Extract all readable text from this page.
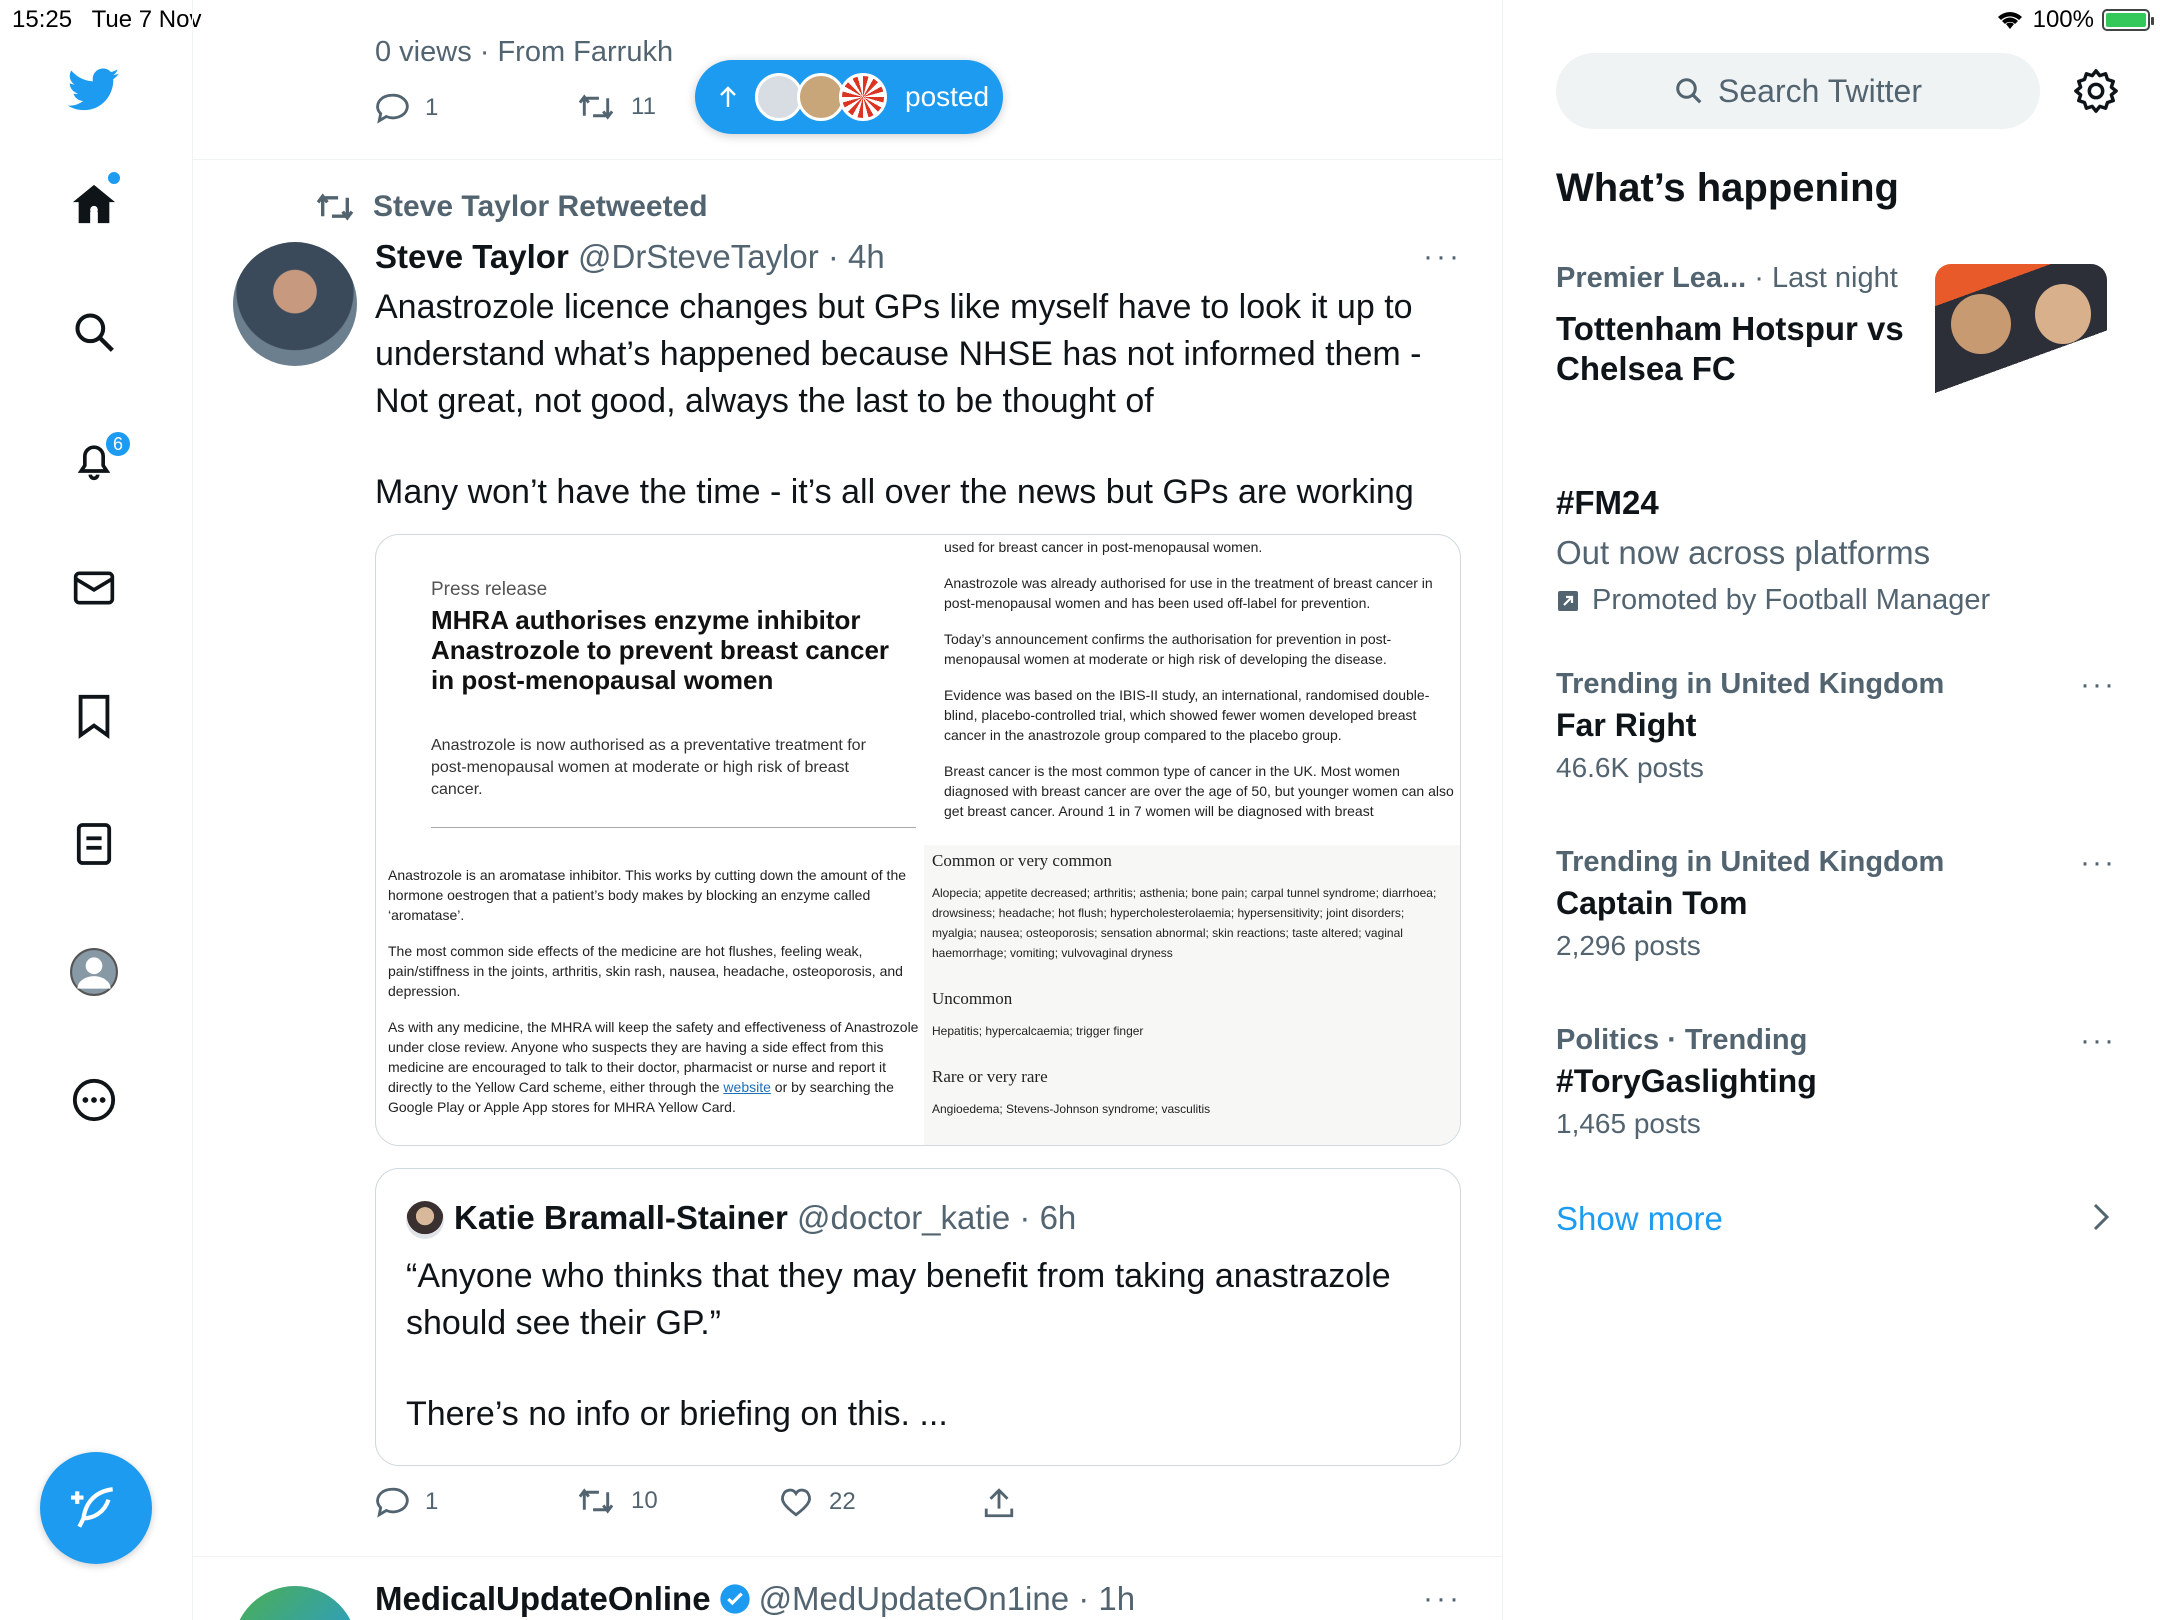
15:25   Tue 7 Nov	100%
6
0 views · From Farrukh
1	11	posted
Steve Taylor Retweeted
Steve Taylor @DrSteveTaylor · 4h	···
Anastrozole licence changes but GPs like myself have to look it up to
understand what’s happened because NHSE has not informed them -
Not great, not good, always the last to be thought of
Many won’t have the time - it’s all over the news but GPs are working
Press release
MHRA authorises enzyme inhibitor Anastrozole to prevent breast cancer in post-menopausal women
Anastrozole is now authorised as a preventative treatment for post-menopausal women at moderate or high risk of breast cancer.

used for breast cancer in post-menopausal women.

Anastrozole was already authorised for use in the treatment of breast cancer in post-menopausal women and has been used off-label for prevention.

Today’s announcement confirms the authorisation for prevention in post-menopausal women at moderate or high risk of developing the disease.

Evidence was based on the IBIS-II study, an international, randomised double-blind, placebo-controlled trial, which showed fewer women developed breast cancer in the anastrozole group compared to the placebo group.

Breast cancer is the most common type of cancer in the UK. Most women diagnosed with breast cancer are over the age of 50, but younger women can also get breast cancer. Around 1 in 7 women will be diagnosed with breast

Anastrozole is an aromatase inhibitor. This works by cutting down the amount of the hormone oestrogen that a patient’s body makes by blocking an enzyme called ‘aromatase’.

The most common side effects of the medicine are hot flushes, feeling weak, pain/stiffness in the joints, arthritis, skin rash, nausea, headache, osteoporosis, and depression.

As with any medicine, the MHRA will keep the safety and effectiveness of Anastrozole under close review. Anyone who suspects they are having a side effect from this medicine are encouraged to talk to their doctor, pharmacist or nurse and report it directly to the Yellow Card scheme, either through the website or by searching the Google Play or Apple App stores for MHRA Yellow Card.

Common or very common
Alopecia; appetite decreased; arthritis; asthenia; bone pain; carpal tunnel syndrome; diarrhoea; drowsiness; headache; hot flush; hypercholesterolaemia; hypersensitivity; joint disorders; myalgia; nausea; osteoporosis; sensation abnormal; skin reactions; taste altered; vaginal haemorrhage; vomiting; vulvovaginal dryness
Uncommon
Hepatitis; hypercalcaemia; trigger finger
Rare or very rare
Angioedema; Stevens-Johnson syndrome; vasculitis
Katie Bramall-Stainer @doctor_katie · 6h
“Anyone who thinks that they may benefit from taking anastrazole
should see their GP.”
There’s no info or briefing on this. ...
1	10	22
MedicalUpdateOnline @MedUpdateOn1ine · 1h	···
Search Twitter
What’s happening
Premier Lea... · Last night
Tottenham Hotspur vs
Chelsea FC
#FM24
Out now across platforms
Promoted by Football Manager
Trending in United Kingdom
Far Right
46.6K posts
···
Trending in United Kingdom
Captain Tom
2,296 posts
···
Politics · Trending
#ToryGaslighting
1,465 posts
···
Show more
